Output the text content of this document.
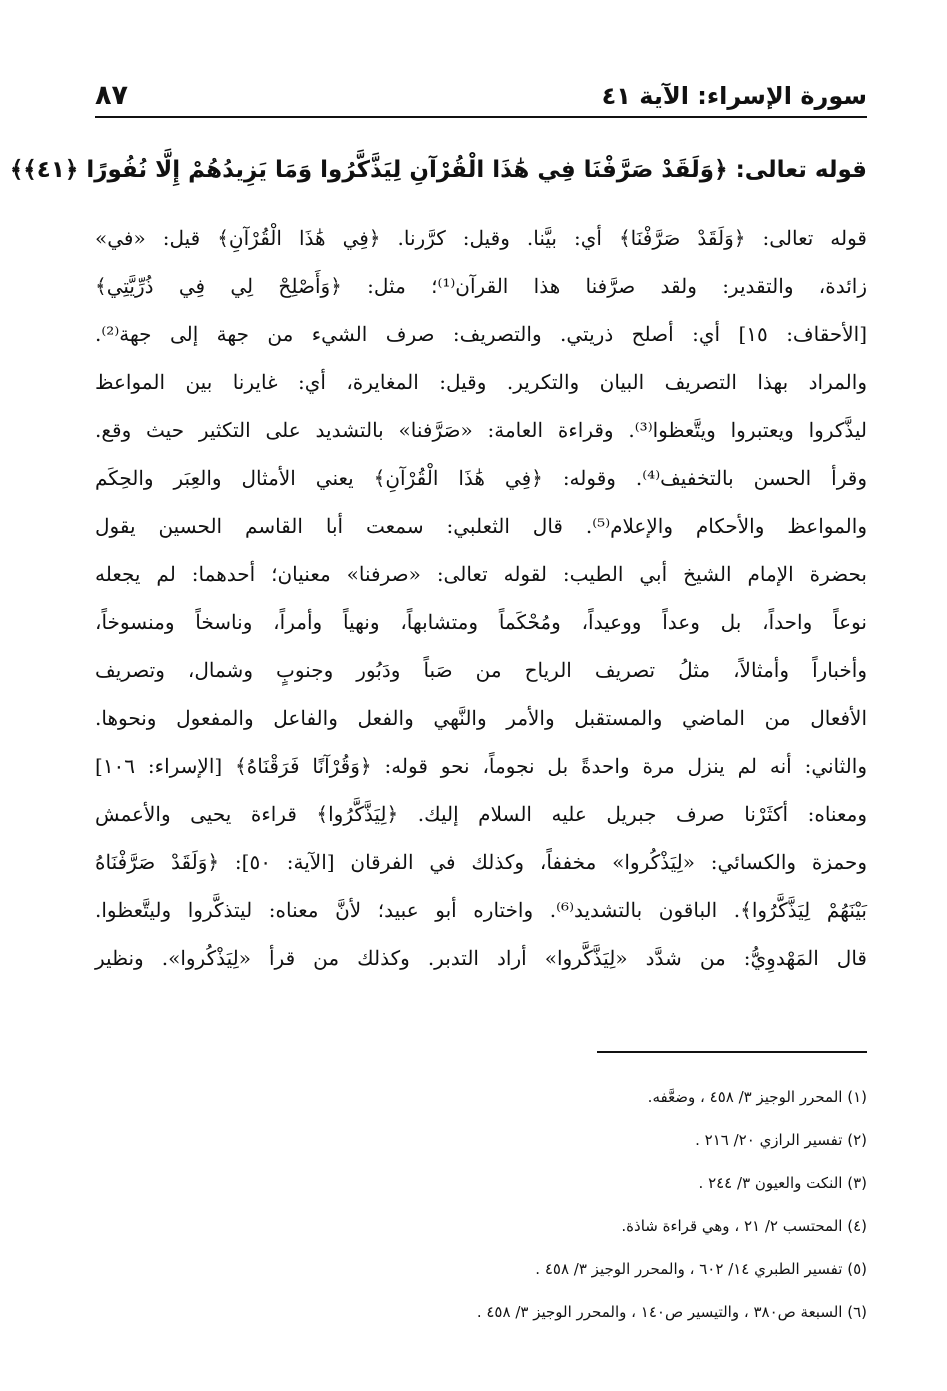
سورة الإسراء: الآية ٤١
٨٧
قوله تعالى: ﴿وَلَقَدْ صَرَّفْنَا فِي هَٰذَا الْقُرْآنِ لِيَذَّكَّرُوا وَمَا يَزِيدُهُمْ إِلَّا نُفُورًا ﴿٤١﴾﴾
قوله تعالى: ﴿وَلَقَدْ صَرَّفْنَا﴾ أي: بيَّنا. وقيل: كرَّرنا. ﴿فِي هَٰذَا الْقُرْآنِ﴾ قيل: «في»
زائدة، والتقدير: ولقد صرَّفنا هذا القرآن⁽¹⁾؛ مثل: ﴿وَأَصْلِحْ لِي فِي ذُرِّيَّتِي﴾
[الأحقاف: ١٥] أي: أصلح ذريتي. والتصريف: صرف الشيء من جهة إلى جهة⁽²⁾.
والمراد بهذا التصريف البيان والتكرير. وقيل: المغايرة، أي: غايرنا بين المواعظ
ليذَّكروا ويعتبروا ويتَّعظوا⁽³⁾. وقراءة العامة: «صَرَّفنا» بالتشديد على التكثير حيث وقع.
وقرأ الحسن بالتخفيف⁽⁴⁾. وقوله: ﴿فِي هَٰذَا الْقُرْآنِ﴾ يعني الأمثال والعِبَر والحِكَم
والمواعظ والأحكام والإعلام⁽⁵⁾. قال الثعلبي: سمعت أبا القاسم الحسين يقول
بحضرة الإمام الشيخ أبي الطيب: لقوله تعالى: «صرفنا» معنيان؛ أحدهما: لم يجعله
نوعاً واحداً، بل وعداً ووعيداً، ومُحْكَماً ومتشابهاً، ونهياً وأمراً، وناسخاً ومنسوخاً،
وأخباراً وأمثالاً، مثلُ تصريف الرياح من صَباً ودَبُور وجنوبٍ وشمال، وتصريف
الأفعال من الماضي والمستقبل والأمر والنَّهي والفعل والفاعل والمفعول ونحوها.
والثاني: أنه لم ينزل مرة واحدةً بل نجوماً، نحو قوله: ﴿وَقُرْآنًا فَرَقْنَاهُ﴾ [الإسراء: ١٠٦]
ومعناه: أكثَرْنا صرف جبريل عليه السلام إليك. ﴿لِيَذَّكَّرُوا﴾ قراءة يحيى والأعمش
وحمزة والكسائي: «لِيَذْكُروا» مخففاً، وكذلك في الفرقان [الآية: ٥٠]: ﴿وَلَقَدْ صَرَّفْنَاهُ
بَيْنَهُمْ لِيَذَّكَّرُوا﴾. الباقون بالتشديد⁽⁶⁾. واختاره أبو عبيد؛ لأنَّ معناه: ليتذكَّروا وليتَّعظوا.
قال المَهْدوِيُّ: من شدَّد «لِيَذَّكَّروا» أراد التدبر. وكذلك من قرأ «لِيَذْكُروا». ونظير
(١) المحرر الوجيز ٣/ ٤٥٨ ، وضعَّفه.
(٢) تفسير الرازي ٢٠/ ٢١٦ .
(٣) النكت والعيون ٣/ ٢٤٤ .
(٤) المحتسب ٢/ ٢١ ، وهي قراءة شاذة.
(٥) تفسير الطبري ١٤/ ٦٠٢ ، والمحرر الوجيز ٣/ ٤٥٨ .
(٦) السبعة ص٣٨٠ ، والتيسير ص١٤٠ ، والمحرر الوجيز ٣/ ٤٥٨ .
